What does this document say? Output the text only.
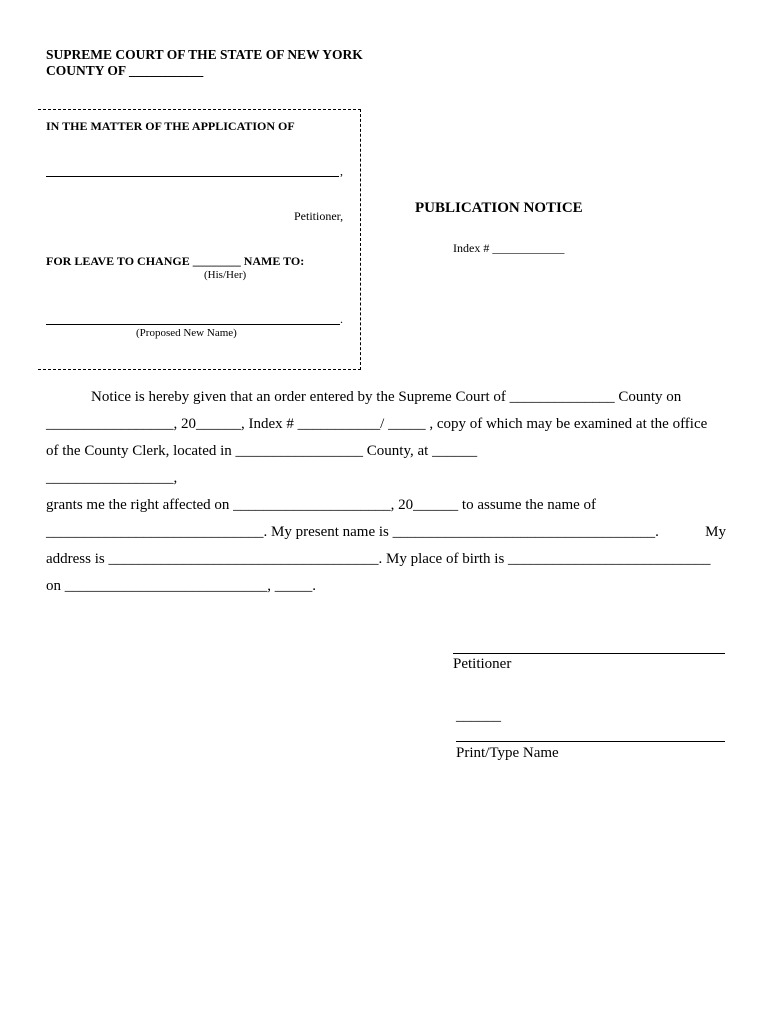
SUPREME COURT OF THE STATE OF NEW YORK
COUNTY OF ___________
IN THE MATTER OF THE APPLICATION OF
,
Petitioner,
FOR LEAVE TO CHANGE ________ NAME TO:
(His/Her)
.
(Proposed New Name)
PUBLICATION NOTICE
Index # ____________
Notice is hereby given that an order entered by the Supreme Court of ______________ County on
_________________, 20______, Index # ___________/ _____ , copy of which may be examined at the office
of the County Clerk, located in _________________ County, at ______
_________________,
grants me the right affected on _____________________, 20______ to assume the name of
_____________________________. My present name is ___________________________________.	My
address is ____________________________________. My place of birth is ___________________________
on ___________________________, _____.
Petitioner
______
Print/Type Name
